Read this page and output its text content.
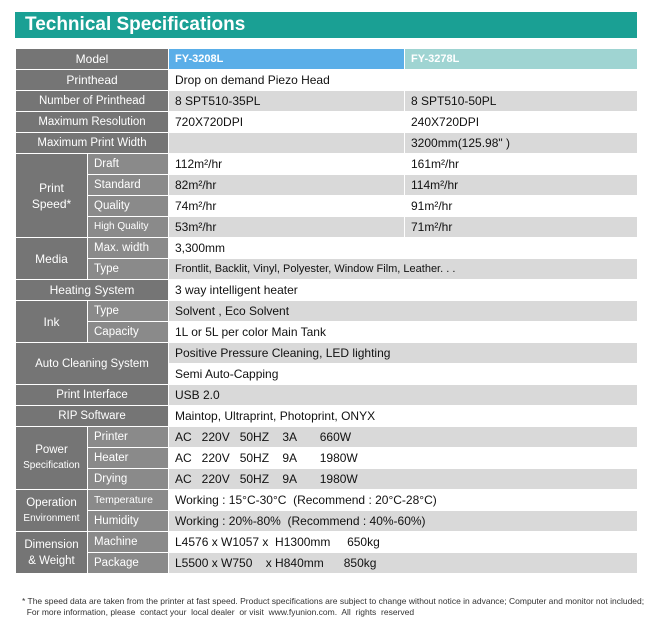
Technical Specifications
Model		FY-3208L	FY-3278L
Printhead		Drop on demand Piezo Head	
Number of Printhead		8 SPT510-35PL	8 SPT510-50PL
Maximum Resolution		720X720DPI	240X720DPI
Maximum Print Width			3200mm(125.98" )

Print
Speed*	Draft	112m²/hr	161m²/hr
	Standard	82m²/hr	114m²/hr
	Quality	74m²/hr	91m²/hr
	High Quality	53m²/hr	71m²/hr
Media	Max. width	3,300mm	
	Type	Frontlit, Backlit, Vinyl, Polyester, Window Film, Leather. . .	
Heating System		3 way intelligent heater	
Ink	Type	Solvent , Eco Solvent	
	Capacity	1L or 5L per color Main Tank	
Auto Cleaning System		Positive Pressure Cleaning, LED lighting	
		Semi Auto-Capping	
Print Interface		USB 2.0	
RIP Software		Maintop, Ultraprint, Photoprint, ONYX	

Power
Specification	Printer	AC   220V   50HZ    3A       660W	
	Heater	AC   220V   50HZ    9A       1980W	
	Drying	AC   220V   50HZ    9A       1980W	

Operation
Environment	Temperature	Working : 15°C-30°C  (Recommend : 20°C-28°C)	
	Humidity	Working : 20%-80%  (Recommend : 40%-60%)	

Dimension
& Weight	Machine	L4576 x W1057 x  H1300mm     650kg	
	Package	L5500 x W750    x H840mm      850kg	
* The speed data are taken from the printer at fast speed. Product specifications are subject to change without notice in advance; Computer and monitor not included;
For more information, please  contact your  local dealer  or visit  www.fyunion.com.  All  rights  reserved
